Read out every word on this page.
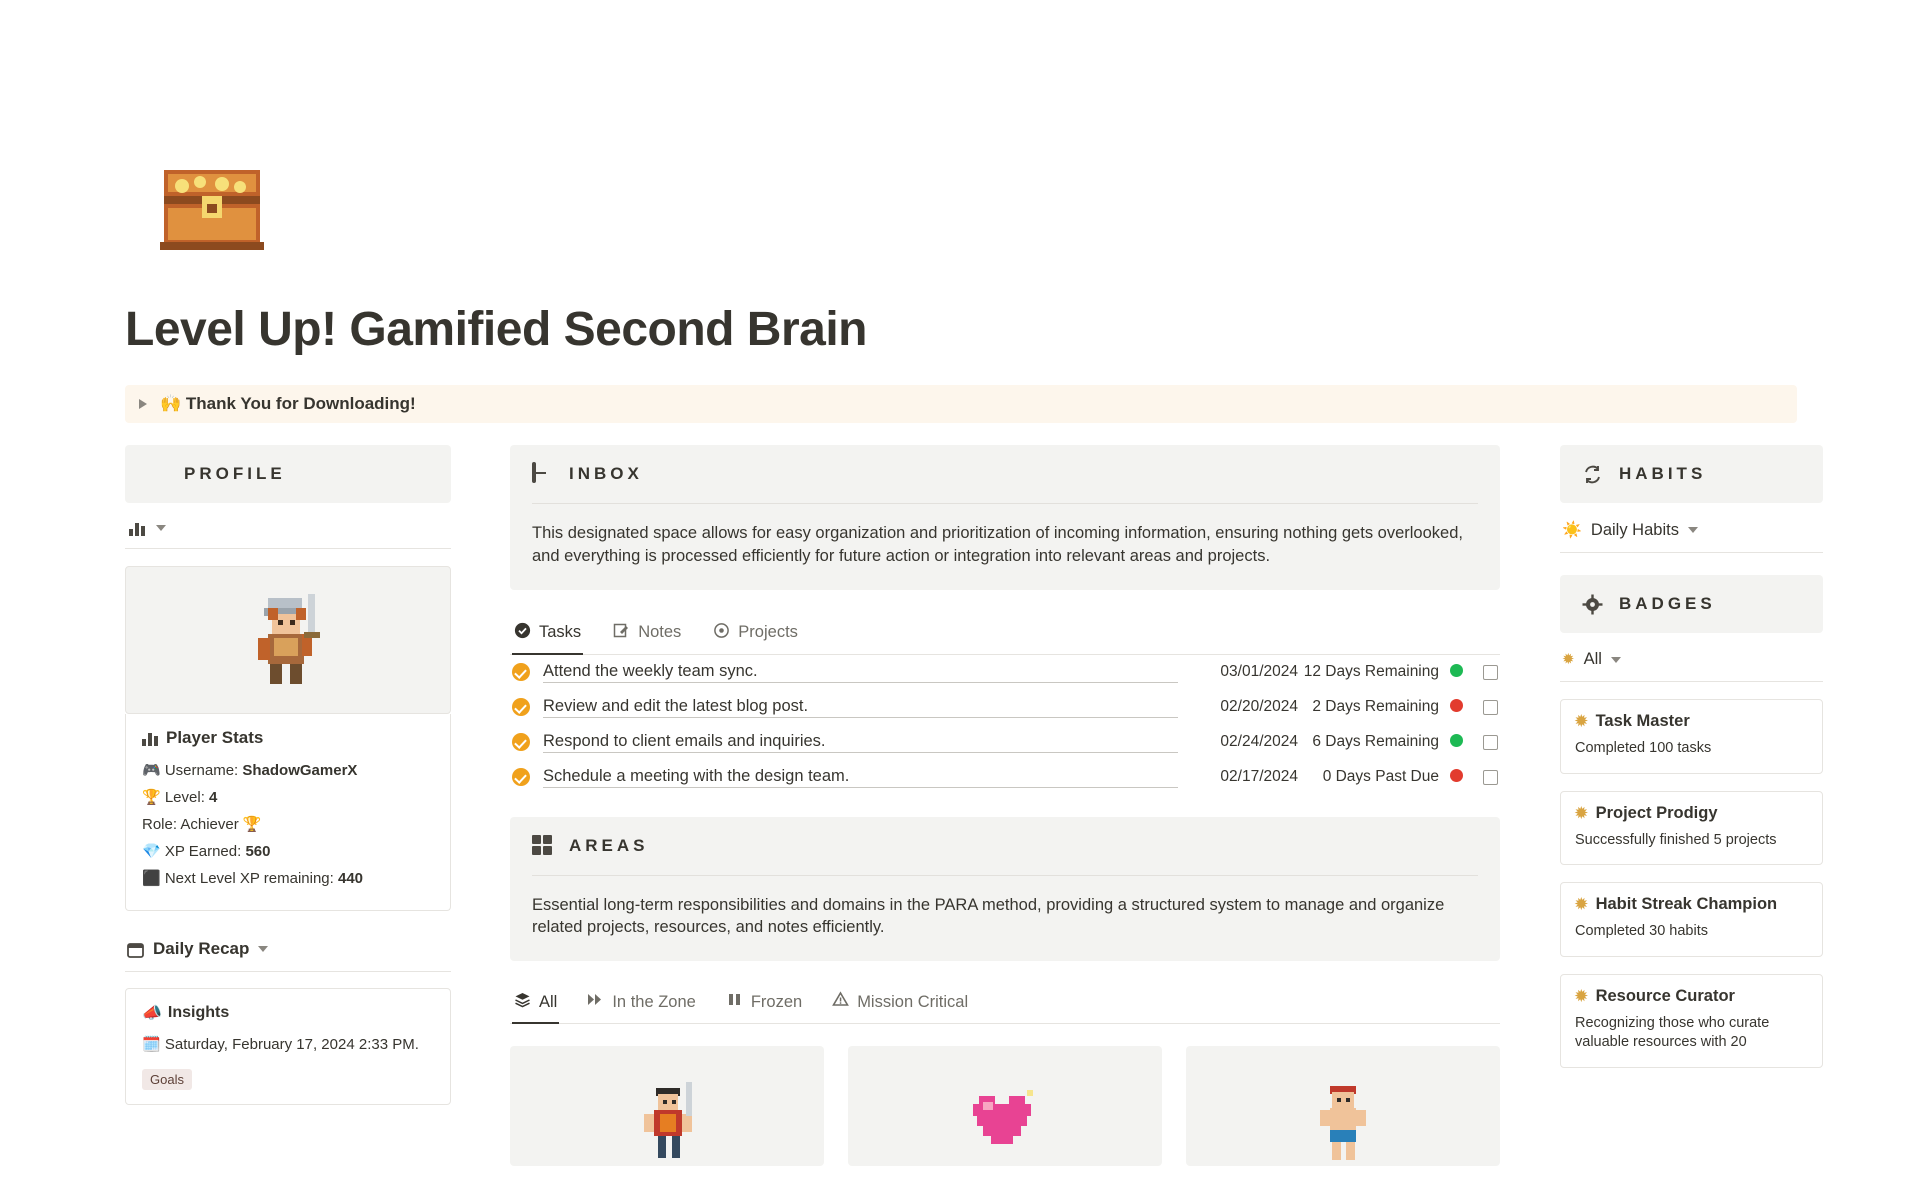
Level Up! Gamified Second Brain
🙌 Thank You for Downloading!
PROFILE
Player Stats
🎮 Username: ShadowGamerX
🏆 Level: 4
Role: Achiever 🏆
💎 XP Earned: 560
⬛ Next Level XP remaining: 440
Daily Recap
📣 Insights
🗓️ Saturday, February 17, 2024 2:33 PM.
Goals
INBOX
This designated space allows for easy organization and prioritization of incoming information, ensuring nothing gets overlooked, and everything is processed efficiently for future action or integration into relevant areas and projects.
Tasks	Notes	Projects
Attend the weekly team sync.	03/01/2024 12 Days Remaining
Review and edit the latest blog post.	02/20/2024 2 Days Remaining
Respond to client emails and inquiries.	02/24/2024 6 Days Remaining
Schedule a meeting with the design team.	02/17/2024	0 Days Past Due
AREAS
Essential long-term responsibilities and domains in the PARA method, providing a structured system to manage and organize related projects, resources, and notes efficiently.
All	In the Zone	Frozen	Mission Critical
HABITS
☀️ Daily Habits
BADGES
✹ All
✹ Task Master
Completed 100 tasks
✹ Project Prodigy
Successfully finished 5 projects
✹ Habit Streak Champion
Completed 30 habits
✹ Resource Curator
Recognizing those who curate valuable resources with 20
